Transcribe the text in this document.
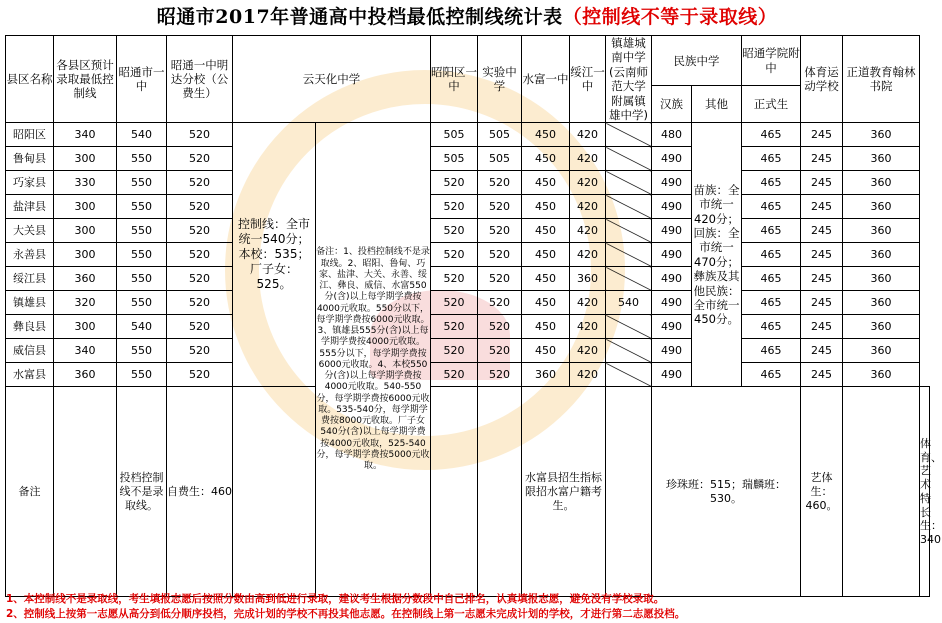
昭通市2017年普通高中投档最低控制线统计表（控制线不等于录取线）
县区名称	各县区预计录取最低控制线	昭通市一中	昭通一中明达分校（公费生）	云天化中学		昭阳区一中	实验中学	水富一中	绥江一中	镇雄城南中学(云南师范大学附属镇雄中学)	民族中学		昭通学院附中	体育运动学校	正道教育翰林书院	
											汉族	其他	正式生			
昭阳区	340	540	520	控制线：全市统一540分；本校：535；厂子女：525。	备注：1、投档控制线不是录取线。2、昭阳、鲁甸、巧家、盐津、大关、永善、绥江、彝良、威信、水富550分(含)以上每学期学费按4000元收取。550分以下，每学期学费按6000元收取。3、镇雄县555分(含)以上每学期学费按4000元收取。555分以下，每学期学费按6000元收取。4、本校550分(含)以上每学期学费按4000元收取。540-550分，每学期学费按6000元收取。535-540分，每学期学费按8000元收取。厂子女540分(含)以上每学期学费按4000元收取，525-540分，每学期学费按5000元收取。	505	505	450	420		480	苗族：全市统一420分；回族：全市统一470分；彝族及其他民族：全市统一450分。	465	245	360	
鲁甸县	300	550	520			505	505	450	420		490		465	245	360	
巧家县	330	550	520			520	520	450	420		490		465	245	360	
盐津县	300	550	520			520	520	450	420		490		465	245	360	
大关县	300	550	520			520	520	450	420		490		465	245	360	
永善县	300	550	520			520	520	450	420		490		465	245	360	
绥江县	360	550	520			520	520	450	360		490		465	245	360	
镇雄县	320	550	520			520	520	450	420	540	490		465	245	360	
彝良县	300	540	520			520	520	450	420		490		465	245	360	
威信县	340	550	520			520	520	450	420		490		465	245	360	
水富县	360	550	520			520	520	360	420		490		465	245	360	
备注		投档控制线不是录取线。	自费生：460					水富县招生指标限招水富户籍考生。			珍珠班：515；瑞麟班：530。			艺体生：460。		体育、艺术特长生：340
1、本控制线不是录取线，考生填报志愿后按照分数由高到低进行录取，建议考生根据分数段中自己排名，认真填报志愿，避免没有学校录取。
2、控制线上按第一志愿从高分到低分顺序投档，完成计划的学校不再投其他志愿。在控制线上第一志愿未完成计划的学校，才进行第二志愿投档。
